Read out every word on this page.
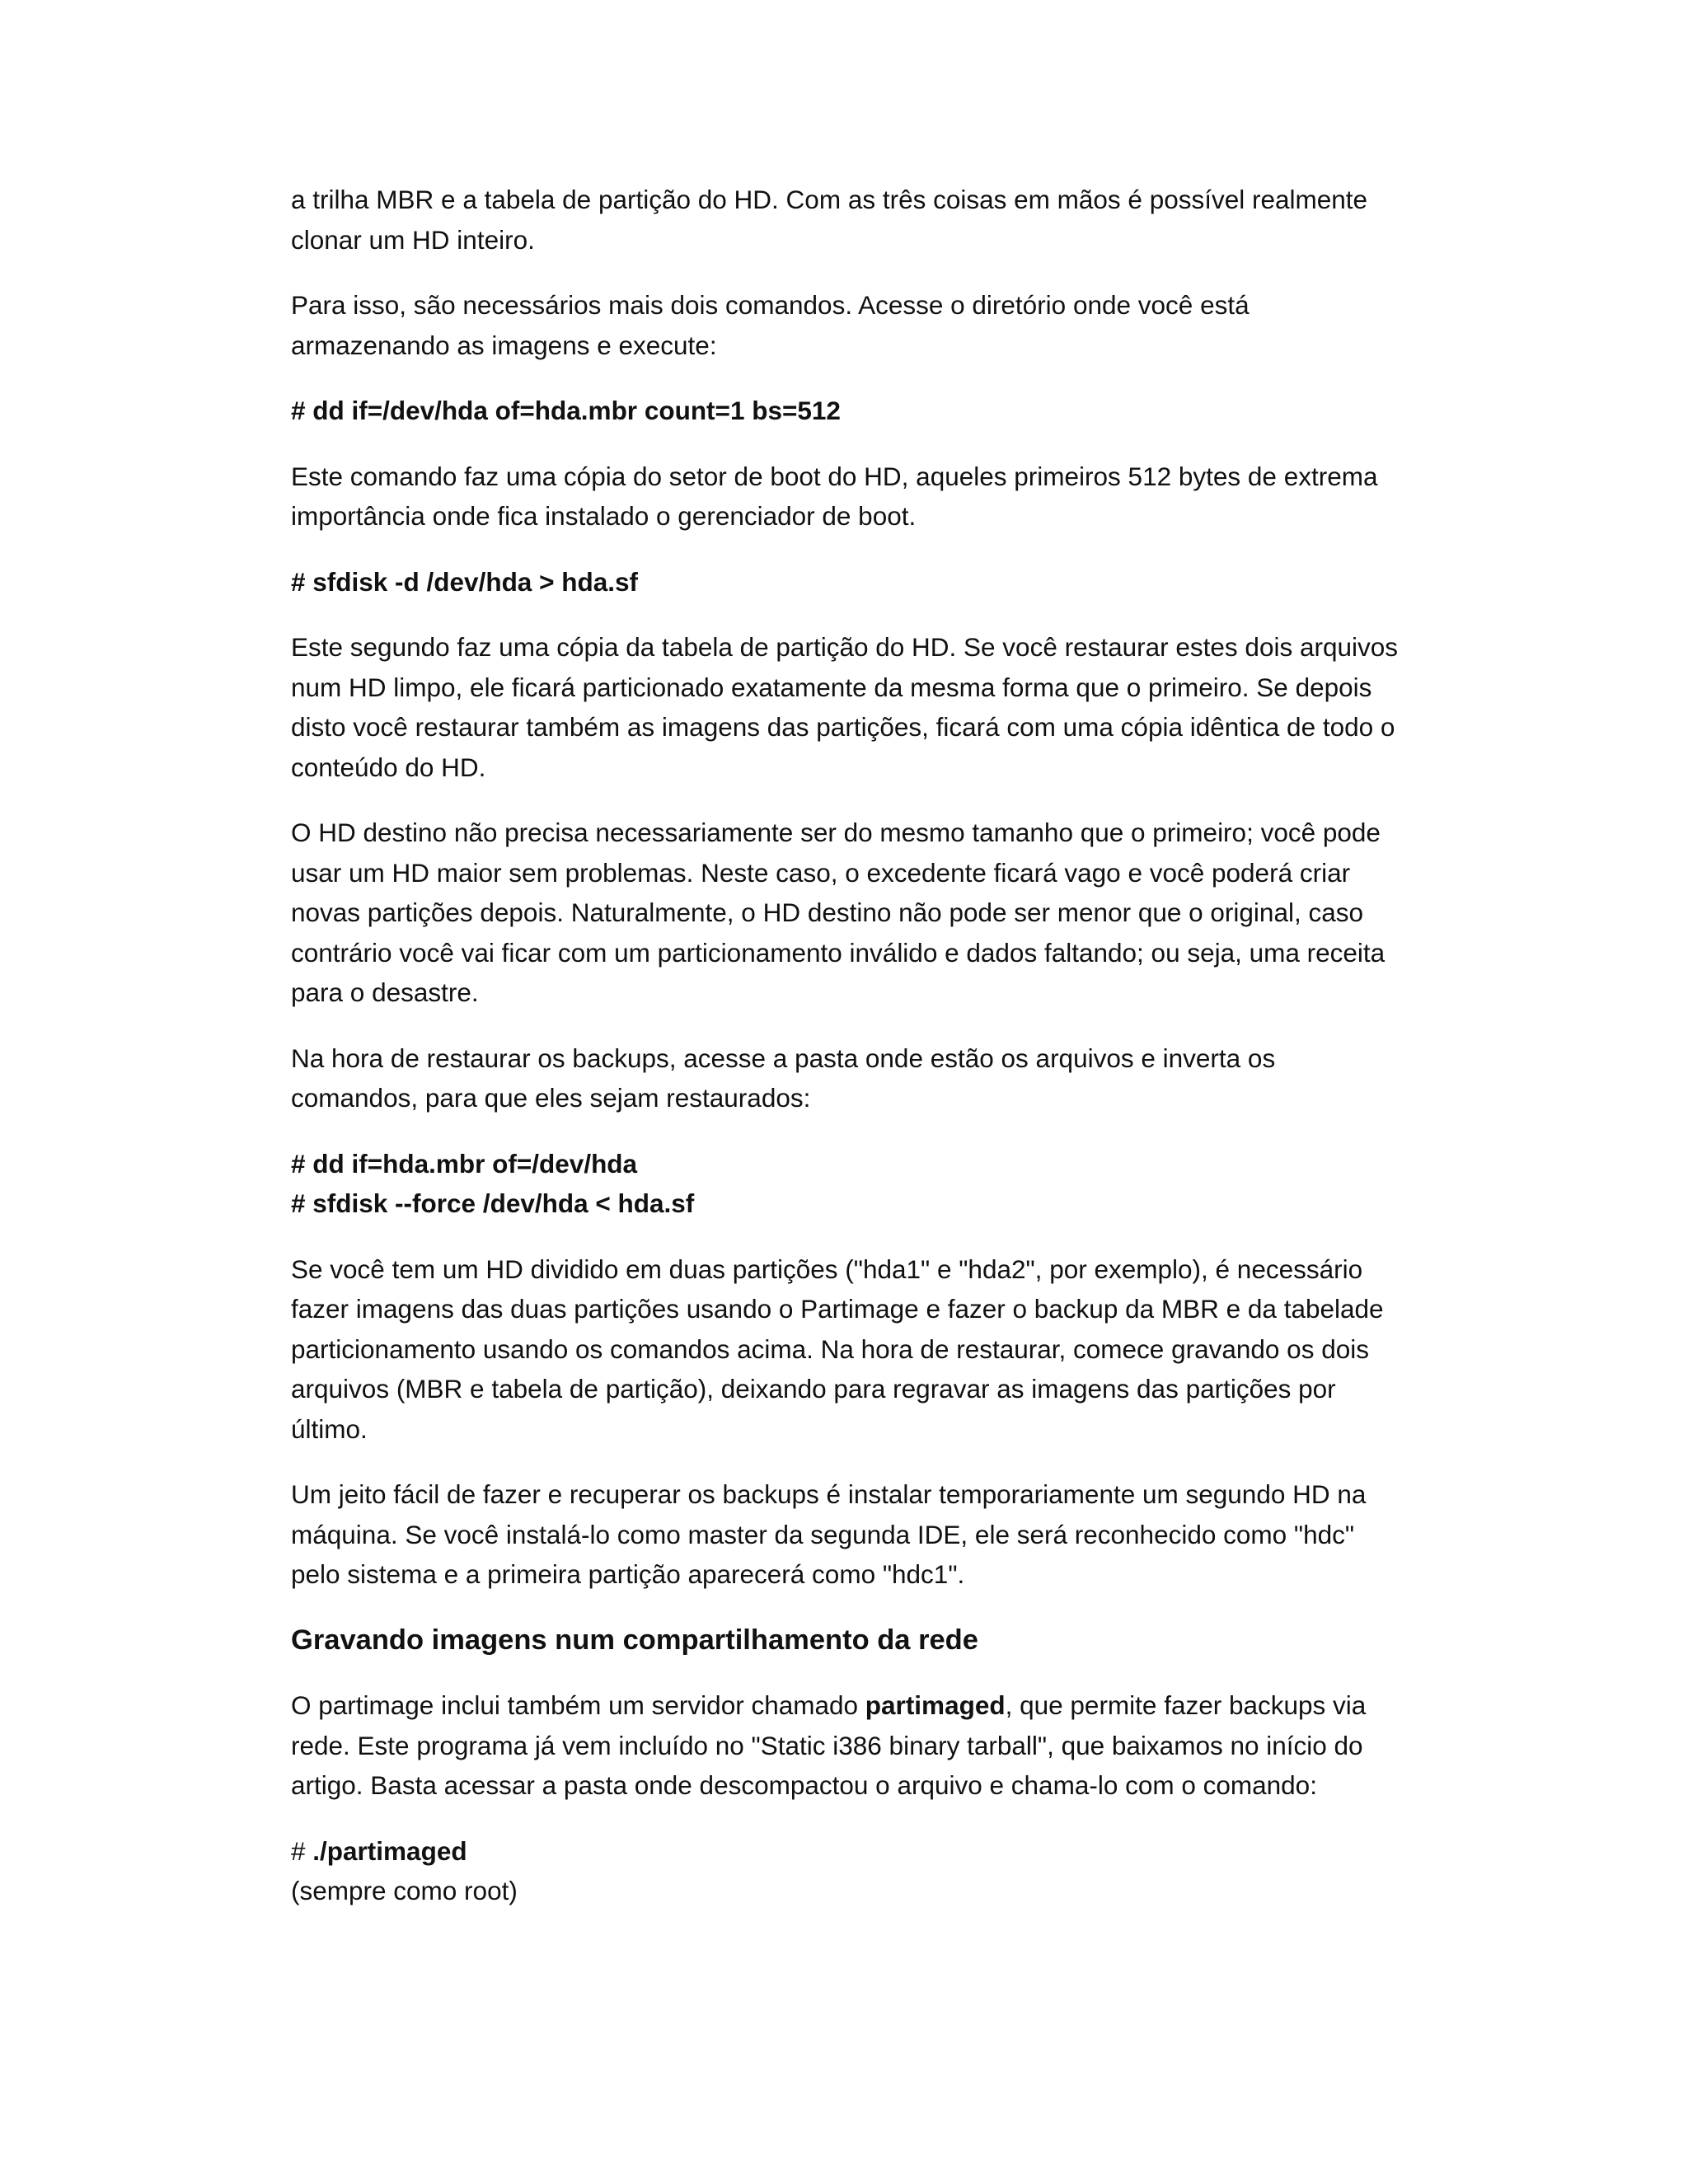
a trilha MBR e a tabela de partição do HD. Com as três coisas em mãos é possível realmente clonar um HD inteiro.

Para isso, são necessários mais dois comandos. Acesse o diretório onde você está armazenando as imagens e execute:

# dd if=/dev/hda of=hda.mbr count=1 bs=512

Este comando faz uma cópia do setor de boot do HD, aqueles primeiros 512 bytes de extrema importância onde fica instalado o gerenciador de boot.

# sfdisk -d /dev/hda > hda.sf

Este segundo faz uma cópia da tabela de partição do HD. Se você restaurar estes dois arquivos num HD limpo, ele ficará particionado exatamente da mesma forma que o primeiro. Se depois disto você restaurar também as imagens das partições, ficará com uma cópia idêntica de todo o conteúdo do HD.

O HD destino não precisa necessariamente ser do mesmo tamanho que o primeiro; você pode usar um HD maior sem problemas. Neste caso, o excedente ficará vago e você poderá criar novas partições depois. Naturalmente, o HD destino não pode ser menor que o original, caso contrário você vai ficar com um particionamento inválido e dados faltando; ou seja, uma receita para o desastre.

Na hora de restaurar os backups, acesse a pasta onde estão os arquivos e inverta os comandos, para que eles sejam restaurados:

# dd if=hda.mbr of=/dev/hda
# sfdisk --force /dev/hda < hda.sf

Se você tem um HD dividido em duas partições ("hda1" e "hda2", por exemplo), é necessário fazer imagens das duas partições usando o Partimage e fazer o backup da MBR e da tabelade particionamento usando os comandos acima. Na hora de restaurar, comece gravando os dois arquivos (MBR e tabela de partição), deixando para regravar as imagens das partições por último.

Um jeito fácil de fazer e recuperar os backups é instalar temporariamente um segundo HD na máquina. Se você instalá-lo como master da segunda IDE, ele será reconhecido como "hdc" pelo sistema e a primeira partição aparecerá como "hdc1".

Gravando imagens num compartilhamento da rede

O partimage inclui também um servidor chamado partimaged, que permite fazer backups via rede. Este programa já vem incluído no "Static i386 binary tarball", que baixamos no início do artigo. Basta acessar a pasta onde descompactou o arquivo e chama-lo com o comando:

# ./partimaged
(sempre como root)
